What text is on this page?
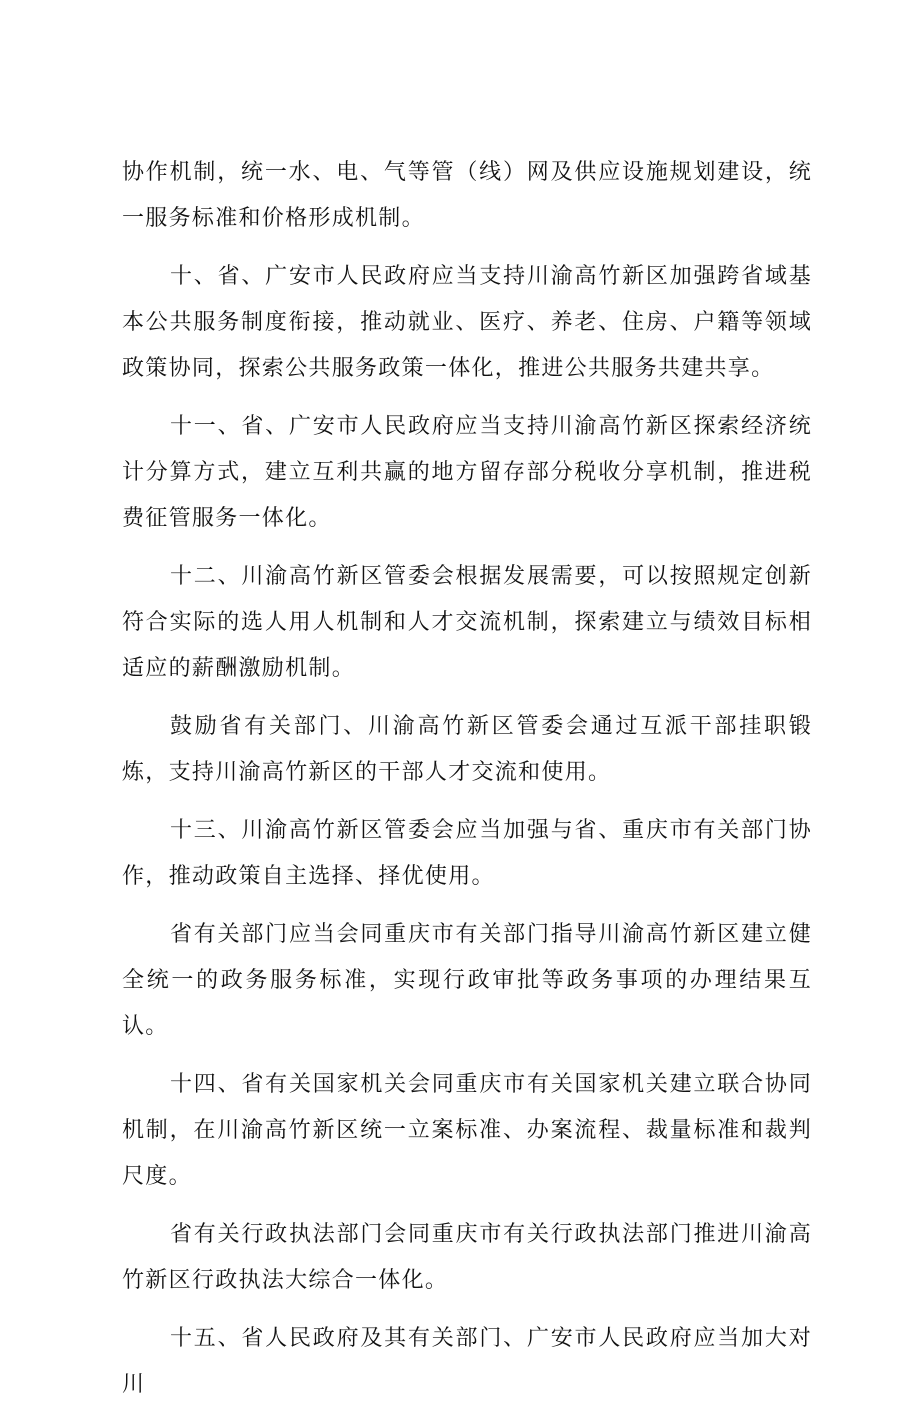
协作机制，统一水、电、气等管（线）网及供应设施规划建设，统一服务标准和价格形成机制。

十、省、广安市人民政府应当支持川渝高竹新区加强跨省域基本公共服务制度衔接，推动就业、医疗、养老、住房、户籍等领域政策协同，探索公共服务政策一体化，推进公共服务共建共享。

十一、省、广安市人民政府应当支持川渝高竹新区探索经济统计分算方式，建立互利共赢的地方留存部分税收分享机制，推进税费征管服务一体化。

十二、川渝高竹新区管委会根据发展需要，可以按照规定创新符合实际的选人用人机制和人才交流机制，探索建立与绩效目标相适应的薪酬激励机制。

鼓励省有关部门、川渝高竹新区管委会通过互派干部挂职锻炼，支持川渝高竹新区的干部人才交流和使用。

十三、川渝高竹新区管委会应当加强与省、重庆市有关部门协作，推动政策自主选择、择优使用。

省有关部门应当会同重庆市有关部门指导川渝高竹新区建立健全统一的政务服务标准，实现行政审批等政务事项的办理结果互认。

十四、省有关国家机关会同重庆市有关国家机关建立联合协同机制，在川渝高竹新区统一立案标准、办案流程、裁量标准和裁判尺度。

省有关行政执法部门会同重庆市有关行政执法部门推进川渝高竹新区行政执法大综合一体化。

十五、省人民政府及其有关部门、广安市人民政府应当加大对川
